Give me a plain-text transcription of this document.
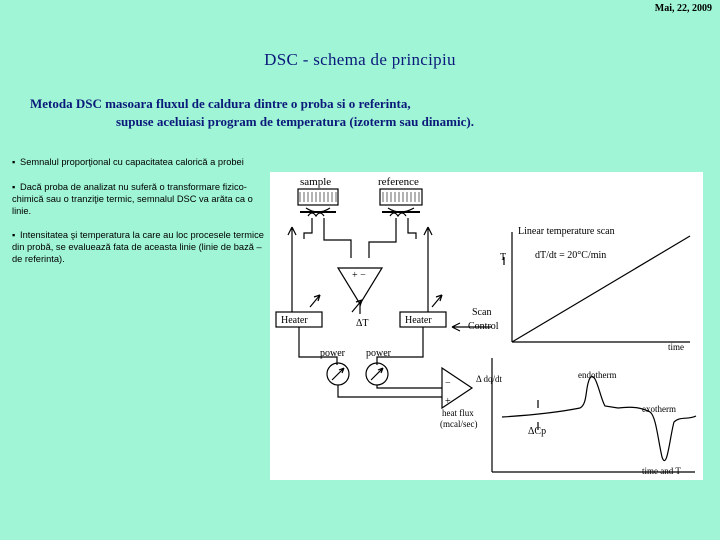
Mai, 22, 2009
DSC - schema de principiu
Metoda DSC masoara fluxul de caldura dintre o proba si o referinta,
supuse aceluiasi program de temperatura (izoterm sau dinamic).
▪ Semnalul proporţional cu capacitatea calorică a probei
▪ Dacă proba de analizat nu suferă o transformare fizico-chimică sau o tranziţie termic, semnalul DSC va arăta ca o linie.
▪ Intensitatea şi temperatura la care au loc procesele termice din probă, se evaluează fata de aceasta linie (linie de bază – de referinta).
sample	reference
+ −
Heater	Heater
ΔT
power power
Scan
Control
Linear temperature scan
dT/dt = 20°C/min
T
time
Δ dq/dt
−
+
heat flux
(mcal/sec)
endotherm
exotherm
ΔCp
time and T
